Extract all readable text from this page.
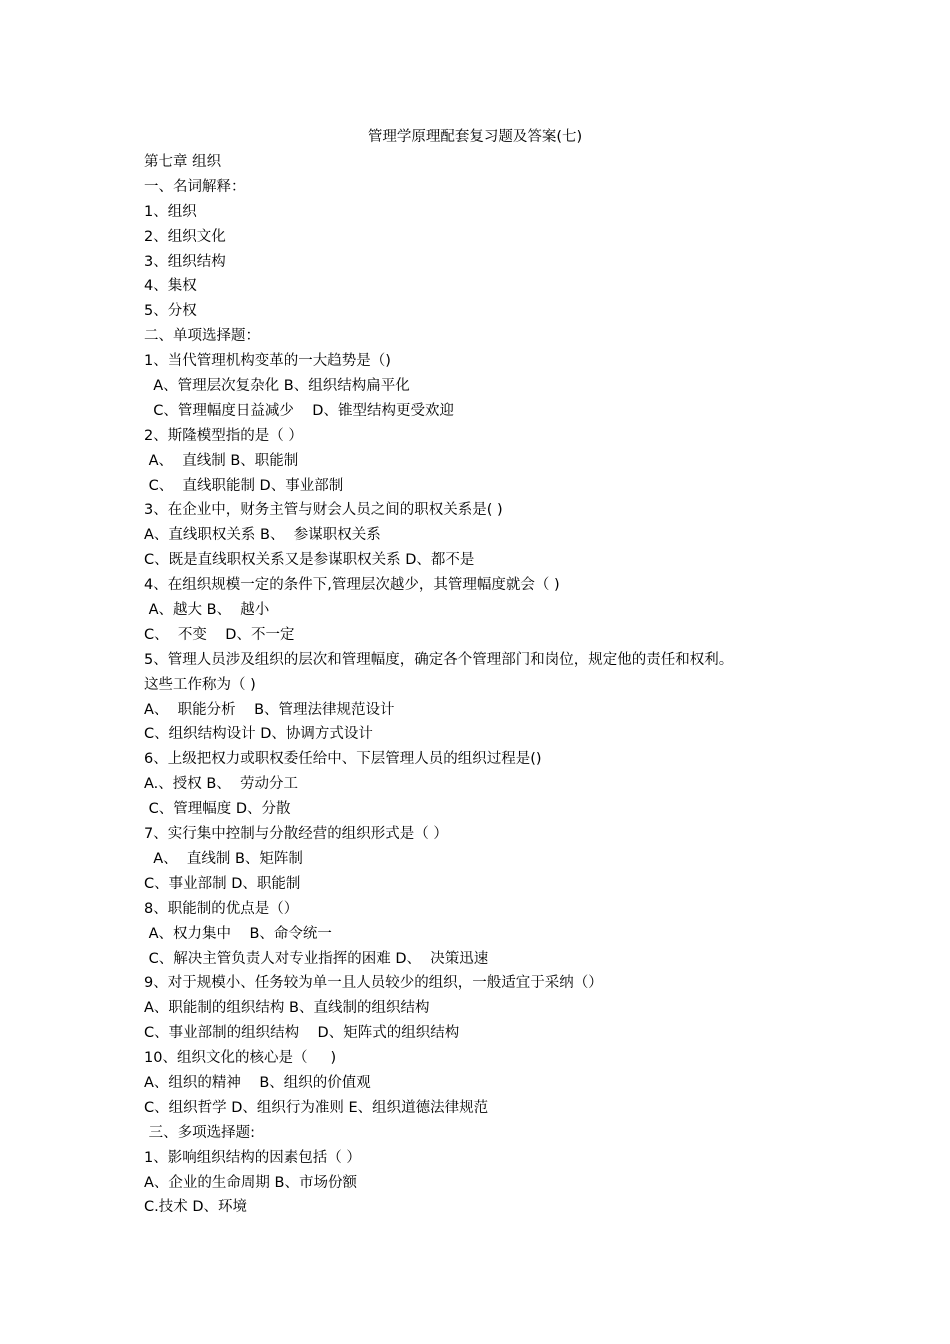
管理学原理配套复习题及答案(七)
第七章 组织
一、名词解释：
1、组织
2、组织文化
3、组织结构
4、集权
5、分权
二、单项选择题：
1、当代管理机构变革的一大趋势是（)
A、管理层次复杂化 B、组织结构扁平化
C、管理幅度日益减少    D、锥型结构更受欢迎
2、斯隆模型指的是（ ）
A、  直线制 B、职能制
C、  直线职能制 D、事业部制
3、在企业中，财务主管与财会人员之间的职权关系是( )
A、直线职权关系 B、  参谋职权关系
C、既是直线职权关系又是参谋职权关系 D、都不是
4、在组织规模一定的条件下,管理层次越少，其管理幅度就会（ )
A、越大 B、  越小
C、  不变    D、不一定
5、管理人员涉及组织的层次和管理幅度，确定各个管理部门和岗位，规定他的责任和权利。
这些工作称为（ )
A、  职能分析    B、管理法律规范设计
C、组织结构设计 D、协调方式设计
6、上级把权力或职权委任给中、下层管理人员的组织过程是()
A.、授权 B、  劳动分工
C、管理幅度 D、分散
7、实行集中控制与分散经营的组织形式是（ ）
A、  直线制 B、矩阵制
C、事业部制 D、职能制
8、职能制的优点是（）
A、权力集中    B、命令统一
C、解决主管负责人对专业指挥的困难 D、  决策迅速
9、对于规模小、任务较为单一且人员较少的组织，一般适宜于采纳（）
A、职能制的组织结构 B、直线制的组织结构
C、事业部制的组织结构    D、矩阵式的组织结构
10、组织文化的核心是（     )
A、组织的精神    B、组织的价值观
C、组织哲学 D、组织行为准则 E、组织道德法律规范
三、多项选择题:
1、影响组织结构的因素包括（ ）
A、企业的生命周期 B、市场份额
C.技术 D、环境
